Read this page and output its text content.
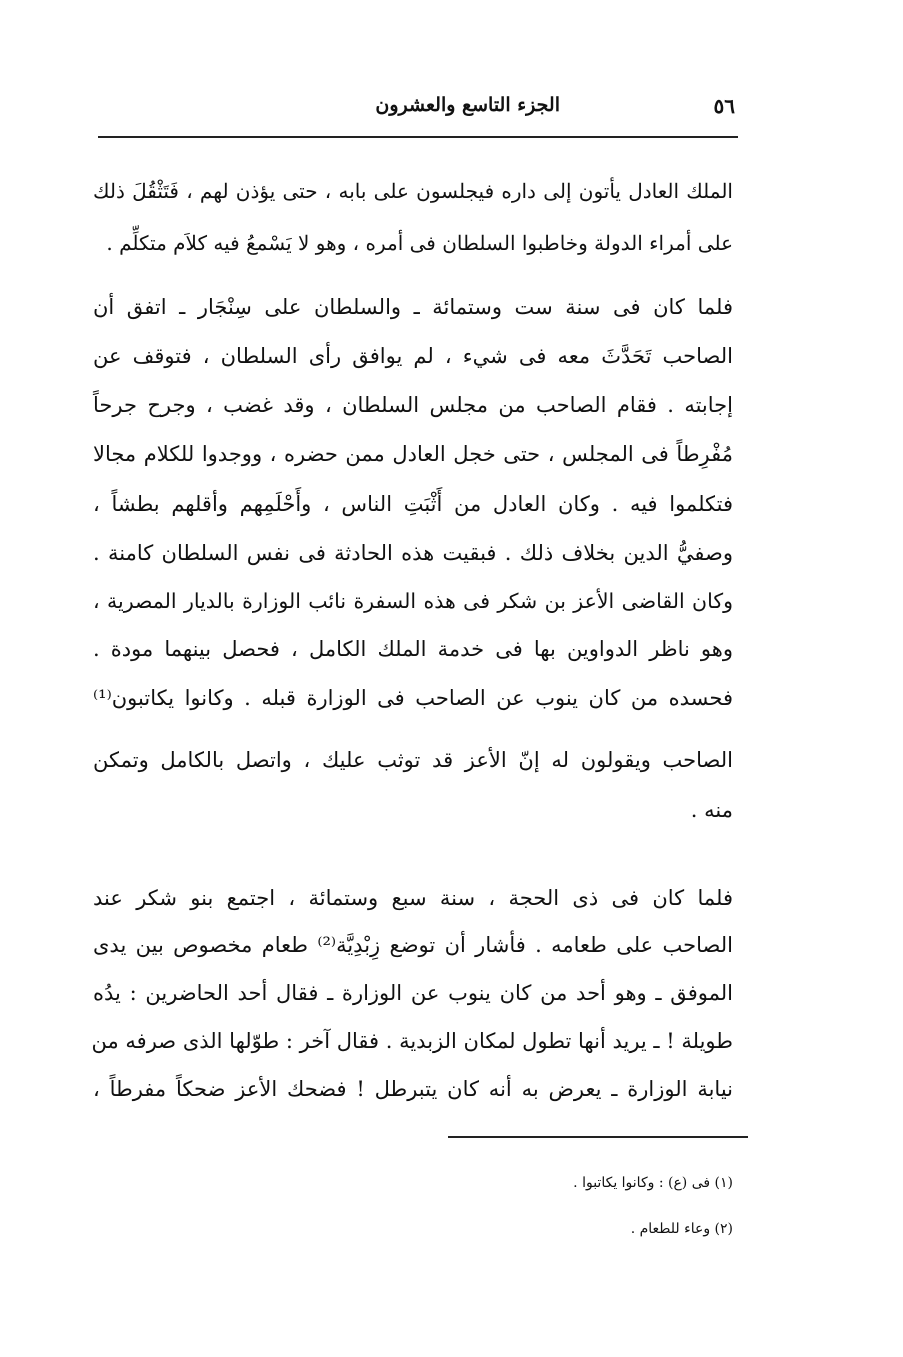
٥٦
الجزء التاسع والعشرون
الملك العادل يأتون إلى داره فيجلسون على بابه ، حتى يؤذن لهم ، فَتَثْقُلَ ذلك
على أمراء الدولة وخاطبوا السلطان فى أمره ، وهو لا يَسْمعُ فيه كلاَم متكلِّم .
فلما كان فى سنة ست وستمائة ـ والسلطان على سِنْجَار ـ اتفق أن
الصاحب تَحَدَّثَ معه فى شيء ، لم يوافق رأى السلطان ، فتوقف عن
إجابته . فقام الصاحب من مجلس السلطان ، وقد غضب ، وجرح جرحاً
مُفْرِطاً فى المجلس ، حتى خجل العادل ممن حضره ، ووجدوا للكلام مجالا
فتكلموا فيه . وكان العادل من أَثْبَتِ الناس ، وأَحْلَمِهم وأقلهم بطشاً ،
وصفيُّ الدين بخلاف ذلك . فبقيت هذه الحادثة فى نفس السلطان كامنة .
وكان القاضى الأعز بن شكر فى هذه السفرة نائب الوزارة بالديار المصرية ،
وهو ناظر الدواوين بها فى خدمة الملك الكامل ، فحصل بينهما مودة .
فحسده من كان ينوب عن الصاحب فى الوزارة قبله . وكانوا يكاتبون⁽¹⁾
الصاحب ويقولون له إنّ الأعز قد توثب عليك ، واتصل بالكامل وتمكن
منه .
فلما كان فى ذى الحجة ، سنة سبع وستمائة ، اجتمع بنو شكر عند
الصاحب على طعامه . فأشار أن توضع زِبْدِيَّة⁽²⁾ طعام مخصوص بين يدى
الموفق ـ وهو أحد من كان ينوب عن الوزارة ـ فقال أحد الحاضرين : يدُه
طويلة ! ـ يريد أنها تطول لمكان الزبدية . فقال آخر : طوّلها الذى صرفه من
نيابة الوزارة ـ يعرض به أنه كان يتبرطل ! فضحك الأعز ضحكاً مفرطاً ،
(١) فى (ع) : وكانوا يكاتبوا .
(٢) وعاء للطعام .
